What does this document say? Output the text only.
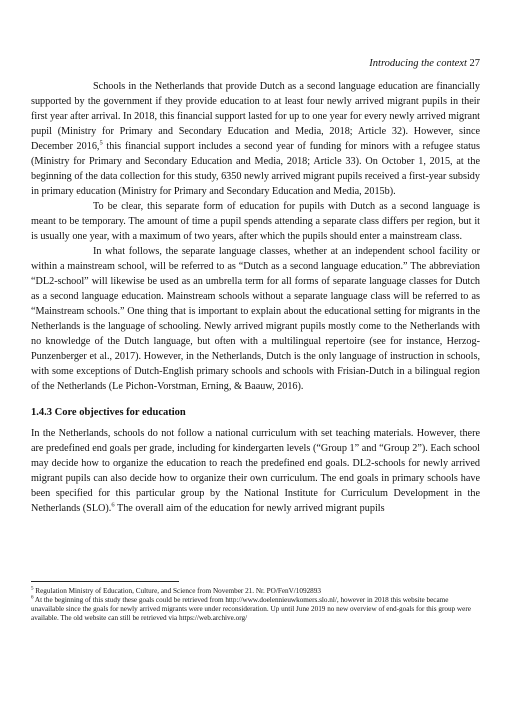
Introducing the context 27

Schools in the Netherlands that provide Dutch as a second language education are financially supported by the government if they provide education to at least four newly arrived migrant pupils in their first year after arrival. In 2018, this financial support lasted for up to one year for every newly arrived migrant pupil (Ministry for Primary and Secondary Education and Media, 2018; Article 32). However, since December 2016,$^5$ this financial support includes a second year of funding for minors with a refugee status (Ministry for Primary and Secondary Education and Media, 2018; Article 33). On October 1, 2015, at the beginning of the data collection for this study, 6350 newly arrived migrant pupils received a first-year subsidy in primary education (Ministry for Primary and Secondary Education and Media, 2015b).

To be clear, this separate form of education for pupils with Dutch as a second language is meant to be temporary. The amount of time a pupil spends attending a separate class differs per region, but it is usually one year, with a maximum of two years, after which the pupils should enter a mainstream class.

In what follows, the separate language classes, whether at an independent school facility or within a mainstream school, will be referred to as “Dutch as a second language education.” The abbreviation “DL2-school” will likewise be used as an umbrella term for all forms of separate language classes for Dutch as a second language education. Mainstream schools without a separate language class will be referred to as “Mainstream schools.” One thing that is important to explain about the educational setting for migrants in the Netherlands is the language of schooling. Newly arrived migrant pupils mostly come to the Netherlands with no knowledge of the Dutch language, but often with a multilingual repertoire (see for instance, Herzog-Punzenberger et al., 2017). However, in the Netherlands, Dutch is the only language of instruction in schools, with some exceptions of Dutch-English primary schools and schools with Frisian-Dutch in a bilingual region of the Netherlands (Le Pichon-Vorstman, Erning, & Baauw, 2016).

1.4.3 Core objectives for education

In the Netherlands, schools do not follow a national curriculum with set teaching materials. However, there are predefined end goals per grade, including for kindergarten levels (“Group 1” and “Group 2”). Each school may decide how to organize the education to reach the predefined end goals. DL2-schools for newly arrived migrant pupils can also decide how to organize their own curriculum. The end goals in primary schools have been specified for this particular group by the National Institute for Curriculum Development in the Netherlands (SLO).$^6$ The overall aim of the education for newly arrived migrant pupils

$^5$ Regulation Ministry of Education, Culture, and Science from November 21. Nr. PO/FenV/1092893

$^6$ At the beginning of this study these goals could be retrieved from http://www.doelennieuwkomers.slo.nl/, however in 2018 this website became unavailable since the goals for newly arrived migrants were under reconsideration. Up until June 2019 no new overview of end-goals for this group were available. The old website can still be retrieved via https://web.archive.org/
